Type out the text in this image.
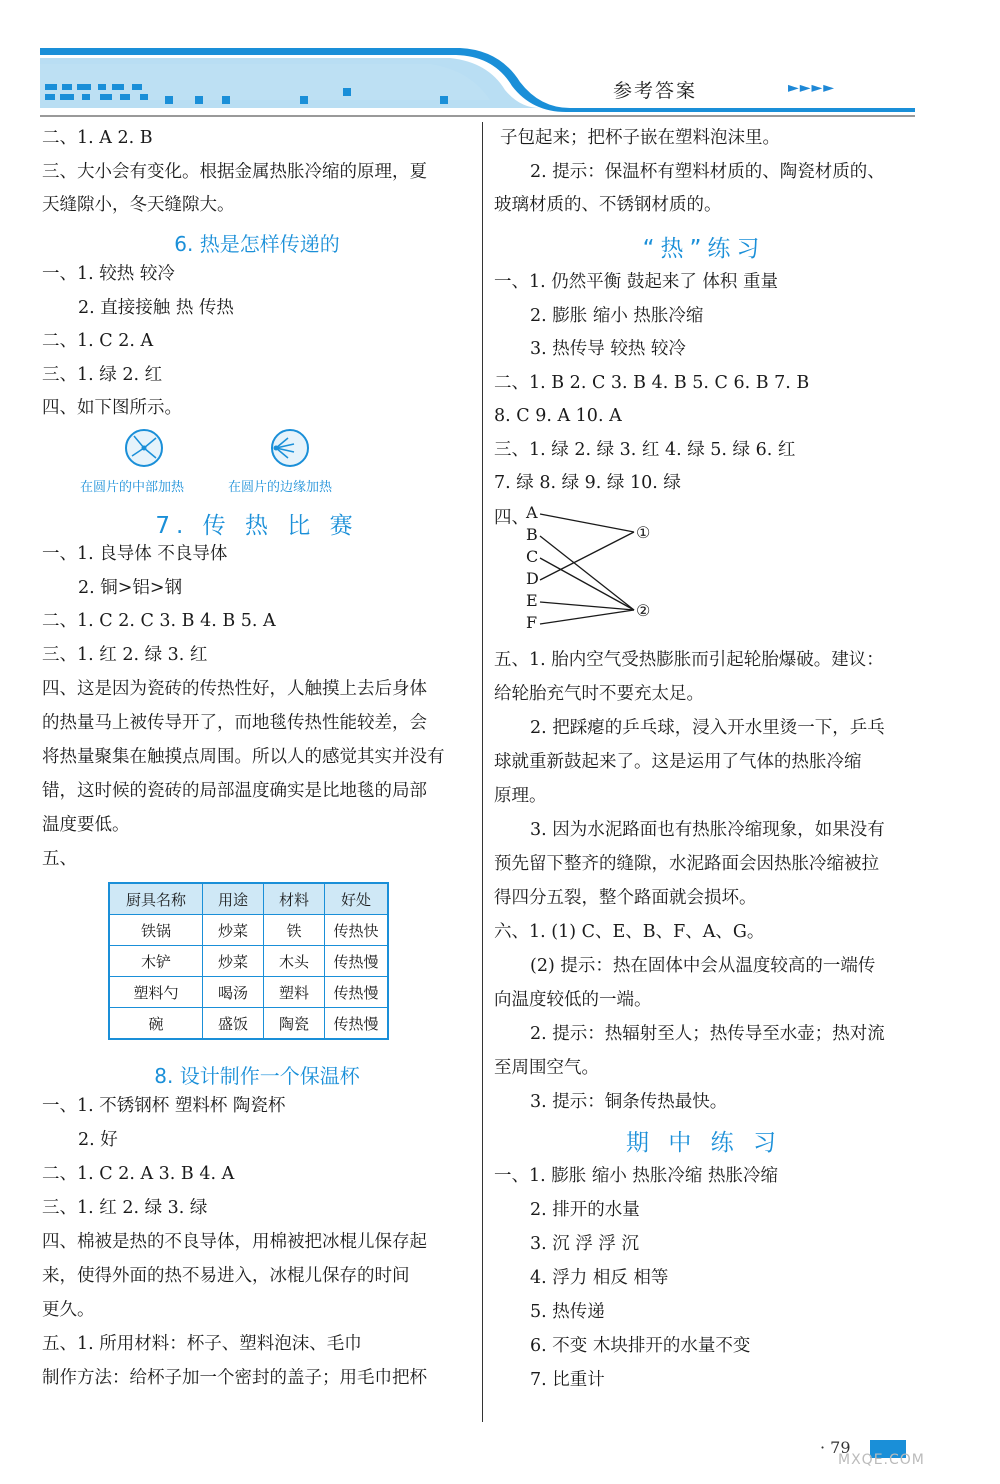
参考答案	►►►►
二、1. A 2. B
三、大小会有变化。根据金属热胀冷缩的原理，夏
天缝隙小，冬天缝隙大。
6. 热是怎样传递的
一、1. 较热 较冷
2. 直接接触 热 传热
二、1. C 2. A
三、1. 绿 2. 红
四、如下图所示。
在圆片的中部加热	在圆片的边缘加热
7. 传 热 比 赛
一、1. 良导体 不良导体
2. 铜>铝>钢
二、1. C 2. C 3. B 4. B 5. A
三、1. 红 2. 绿 3. 红
四、这是因为瓷砖的传热性好，人触摸上去后身体
的热量马上被传导开了，而地毯传热性能较差，会
将热量聚集在触摸点周围。所以人的感觉其实并没有
错，这时候的瓷砖的局部温度确实是比地毯的局部
温度要低。
五、
8. 设计制作一个保温杯
一、1. 不锈钢杯 塑料杯 陶瓷杯
2. 好
二、1. C 2. A 3. B 4. A
三、1. 红 2. 绿 3. 绿
四、棉被是热的不良导体，用棉被把冰棍儿保存起
来，使得外面的热不易进入，冰棍儿保存的时间
更久。
五、1. 所用材料：杯子、塑料泡沫、毛巾
制作方法：给杯子加一个密封的盖子；用毛巾把杯
厨具名称	用途	材料	好处
铁锅	炒菜	铁	传热快
木铲	炒菜	木头	传热慢
塑料勺	喝汤	塑料	传热慢
碗	盛饭	陶瓷	传热慢
子包起来；把杯子嵌在塑料泡沫里。
2. 提示：保温杯有塑料材质的、陶瓷材质的、
玻璃材质的、不锈钢材质的。
“热”练习
一、1. 仍然平衡 鼓起来了 体积 重量
2. 膨胀 缩小 热胀冷缩
3. 热传导 较热 较冷
二、1. B 2. C 3. B 4. B 5. C 6. B 7. B
8. C 9. A 10. A
三、1. 绿 2. 绿 3. 红 4. 绿 5. 绿 6. 红
7. 绿 8. 绿 9. 绿 10. 绿
四、
A
B
C
D
E
F
①
②
五、1. 胎内空气受热膨胀而引起轮胎爆破。建议：
给轮胎充气时不要充太足。
2. 把踩瘪的乒乓球，浸入开水里烫一下，乒乓
球就重新鼓起来了。这是运用了气体的热胀冷缩
原理。
3. 因为水泥路面也有热胀冷缩现象，如果没有
预先留下整齐的缝隙，水泥路面会因热胀冷缩被拉
得四分五裂，整个路面就会损坏。
六、1. (1) C、E、B、F、A、G。
(2) 提示：热在固体中会从温度较高的一端传
向温度较低的一端。
2. 提示：热辐射至人；热传导至水壶；热对流
至周围空气。
3. 提示：铜条传热最快。
期 中 练 习
一、1. 膨胀 缩小 热胀冷缩 热胀冷缩
2. 排开的水量
3. 沉 浮 浮 沉
4. 浮力 相反 相等
5. 热传递
6. 不变 木块排开的水量不变
7. 比重计
· 79
MXQE.COM
